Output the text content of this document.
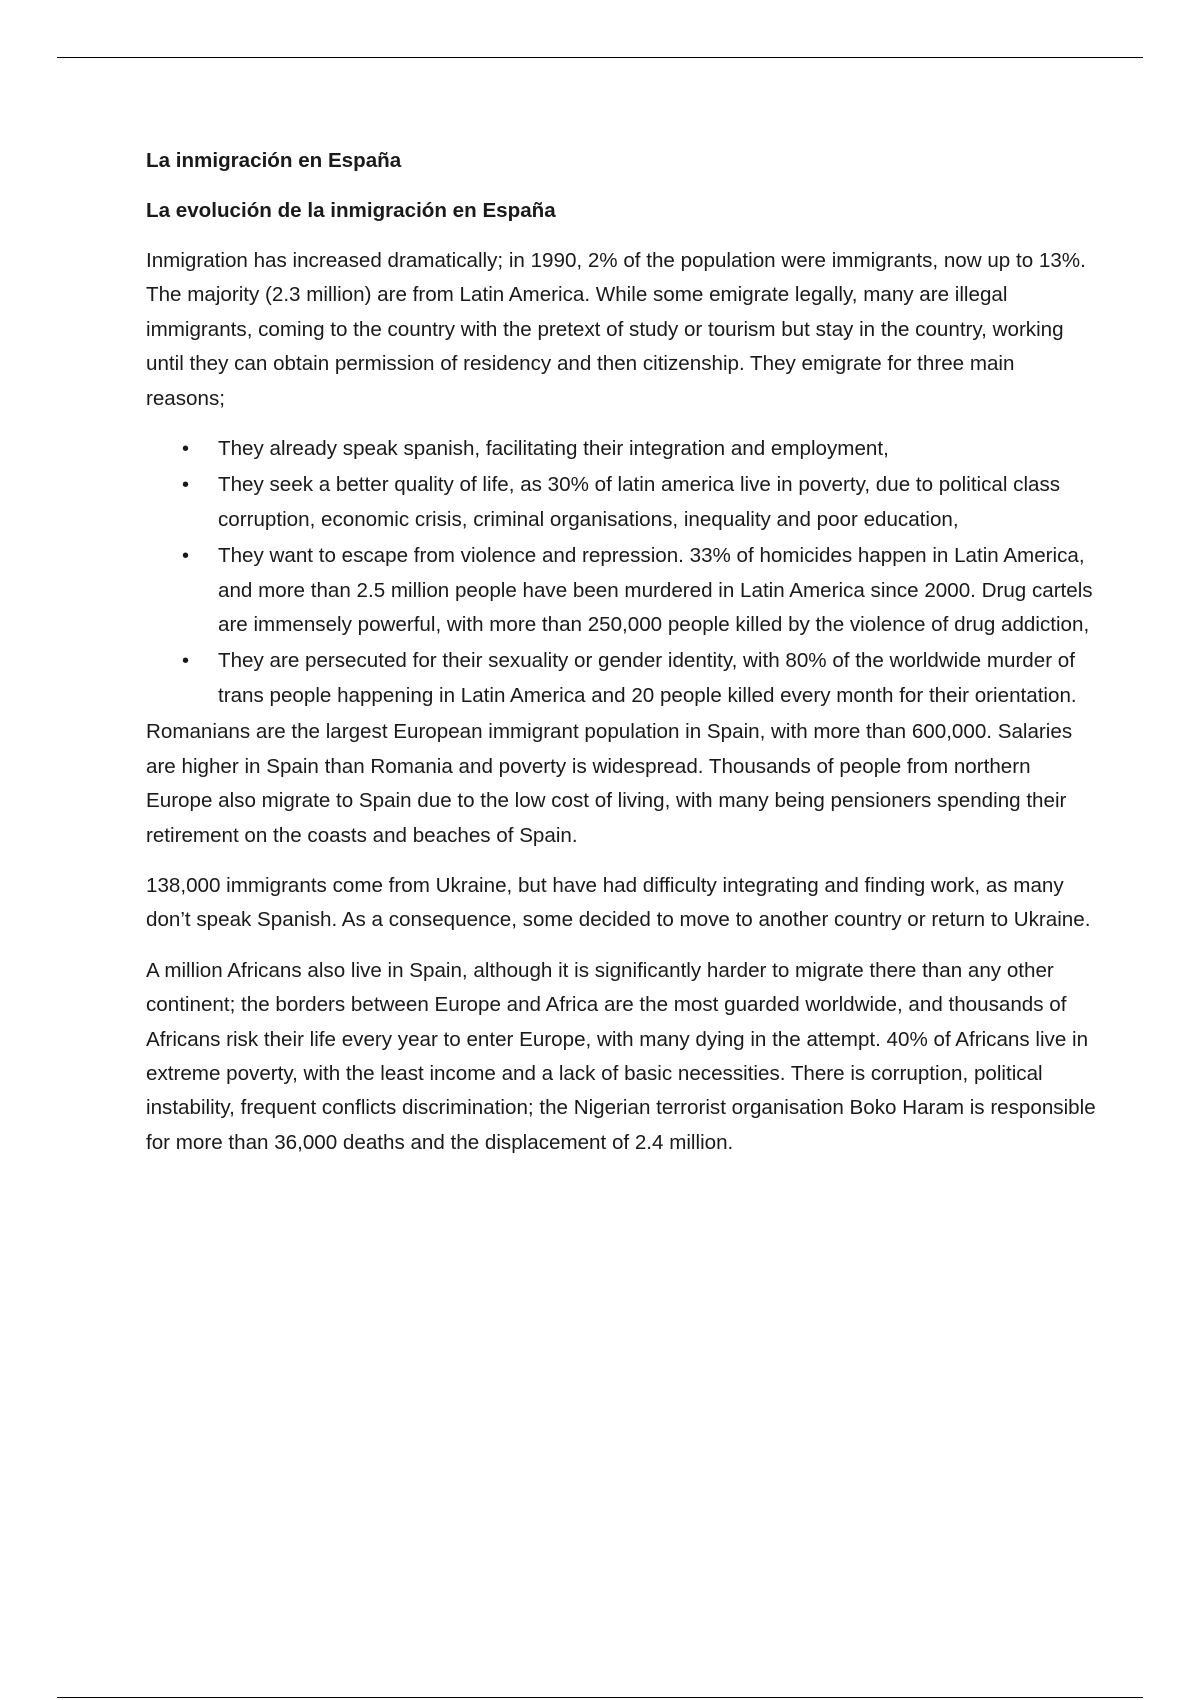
La inmigración en España
La evolución de la inmigración en España

Inmigration has increased dramatically; in 1990, 2% of the population were immigrants, now up to 13%. The majority (2.3 million) are from Latin America. While some emigrate legally, many are illegal immigrants, coming to the country with the pretext of study or tourism but stay in the country, working until they can obtain permission of residency and then citizenship. They emigrate for three main reasons;

• They already speak spanish, facilitating their integration and employment,
• They seek a better quality of life, as 30% of latin america live in poverty, due to political class corruption, economic crisis, criminal organisations, inequality and poor education,
• They want to escape from violence and repression. 33% of homicides happen in Latin America, and more than 2.5 million people have been murdered in Latin America since 2000. Drug cartels are immensely powerful, with more than 250,000 people killed by the violence of drug addiction,
• They are persecuted for their sexuality or gender identity, with 80% of the worldwide murder of trans people happening in Latin America and 20 people killed every month for their orientation.

Romanians are the largest European immigrant population in Spain, with more than 600,000. Salaries are higher in Spain than Romania and poverty is widespread. Thousands of people from northern Europe also migrate to Spain due to the low cost of living, with many being pensioners spending their retirement on the coasts and beaches of Spain.

138,000 immigrants come from Ukraine, but have had difficulty integrating and finding work, as many don’t speak Spanish. As a consequence, some decided to move to another country or return to Ukraine.

A million Africans also live in Spain, although it is significantly harder to migrate there than any other continent; the borders between Europe and Africa are the most guarded worldwide, and thousands of Africans risk their life every year to enter Europe, with many dying in the attempt. 40% of Africans live in extreme poverty, with the least income and a lack of basic necessities. There is corruption, political instability, frequent conflicts discrimination; the Nigerian terrorist organisation Boko Haram is responsible for more than 36,000 deaths and the displacement of 2.4 million.
